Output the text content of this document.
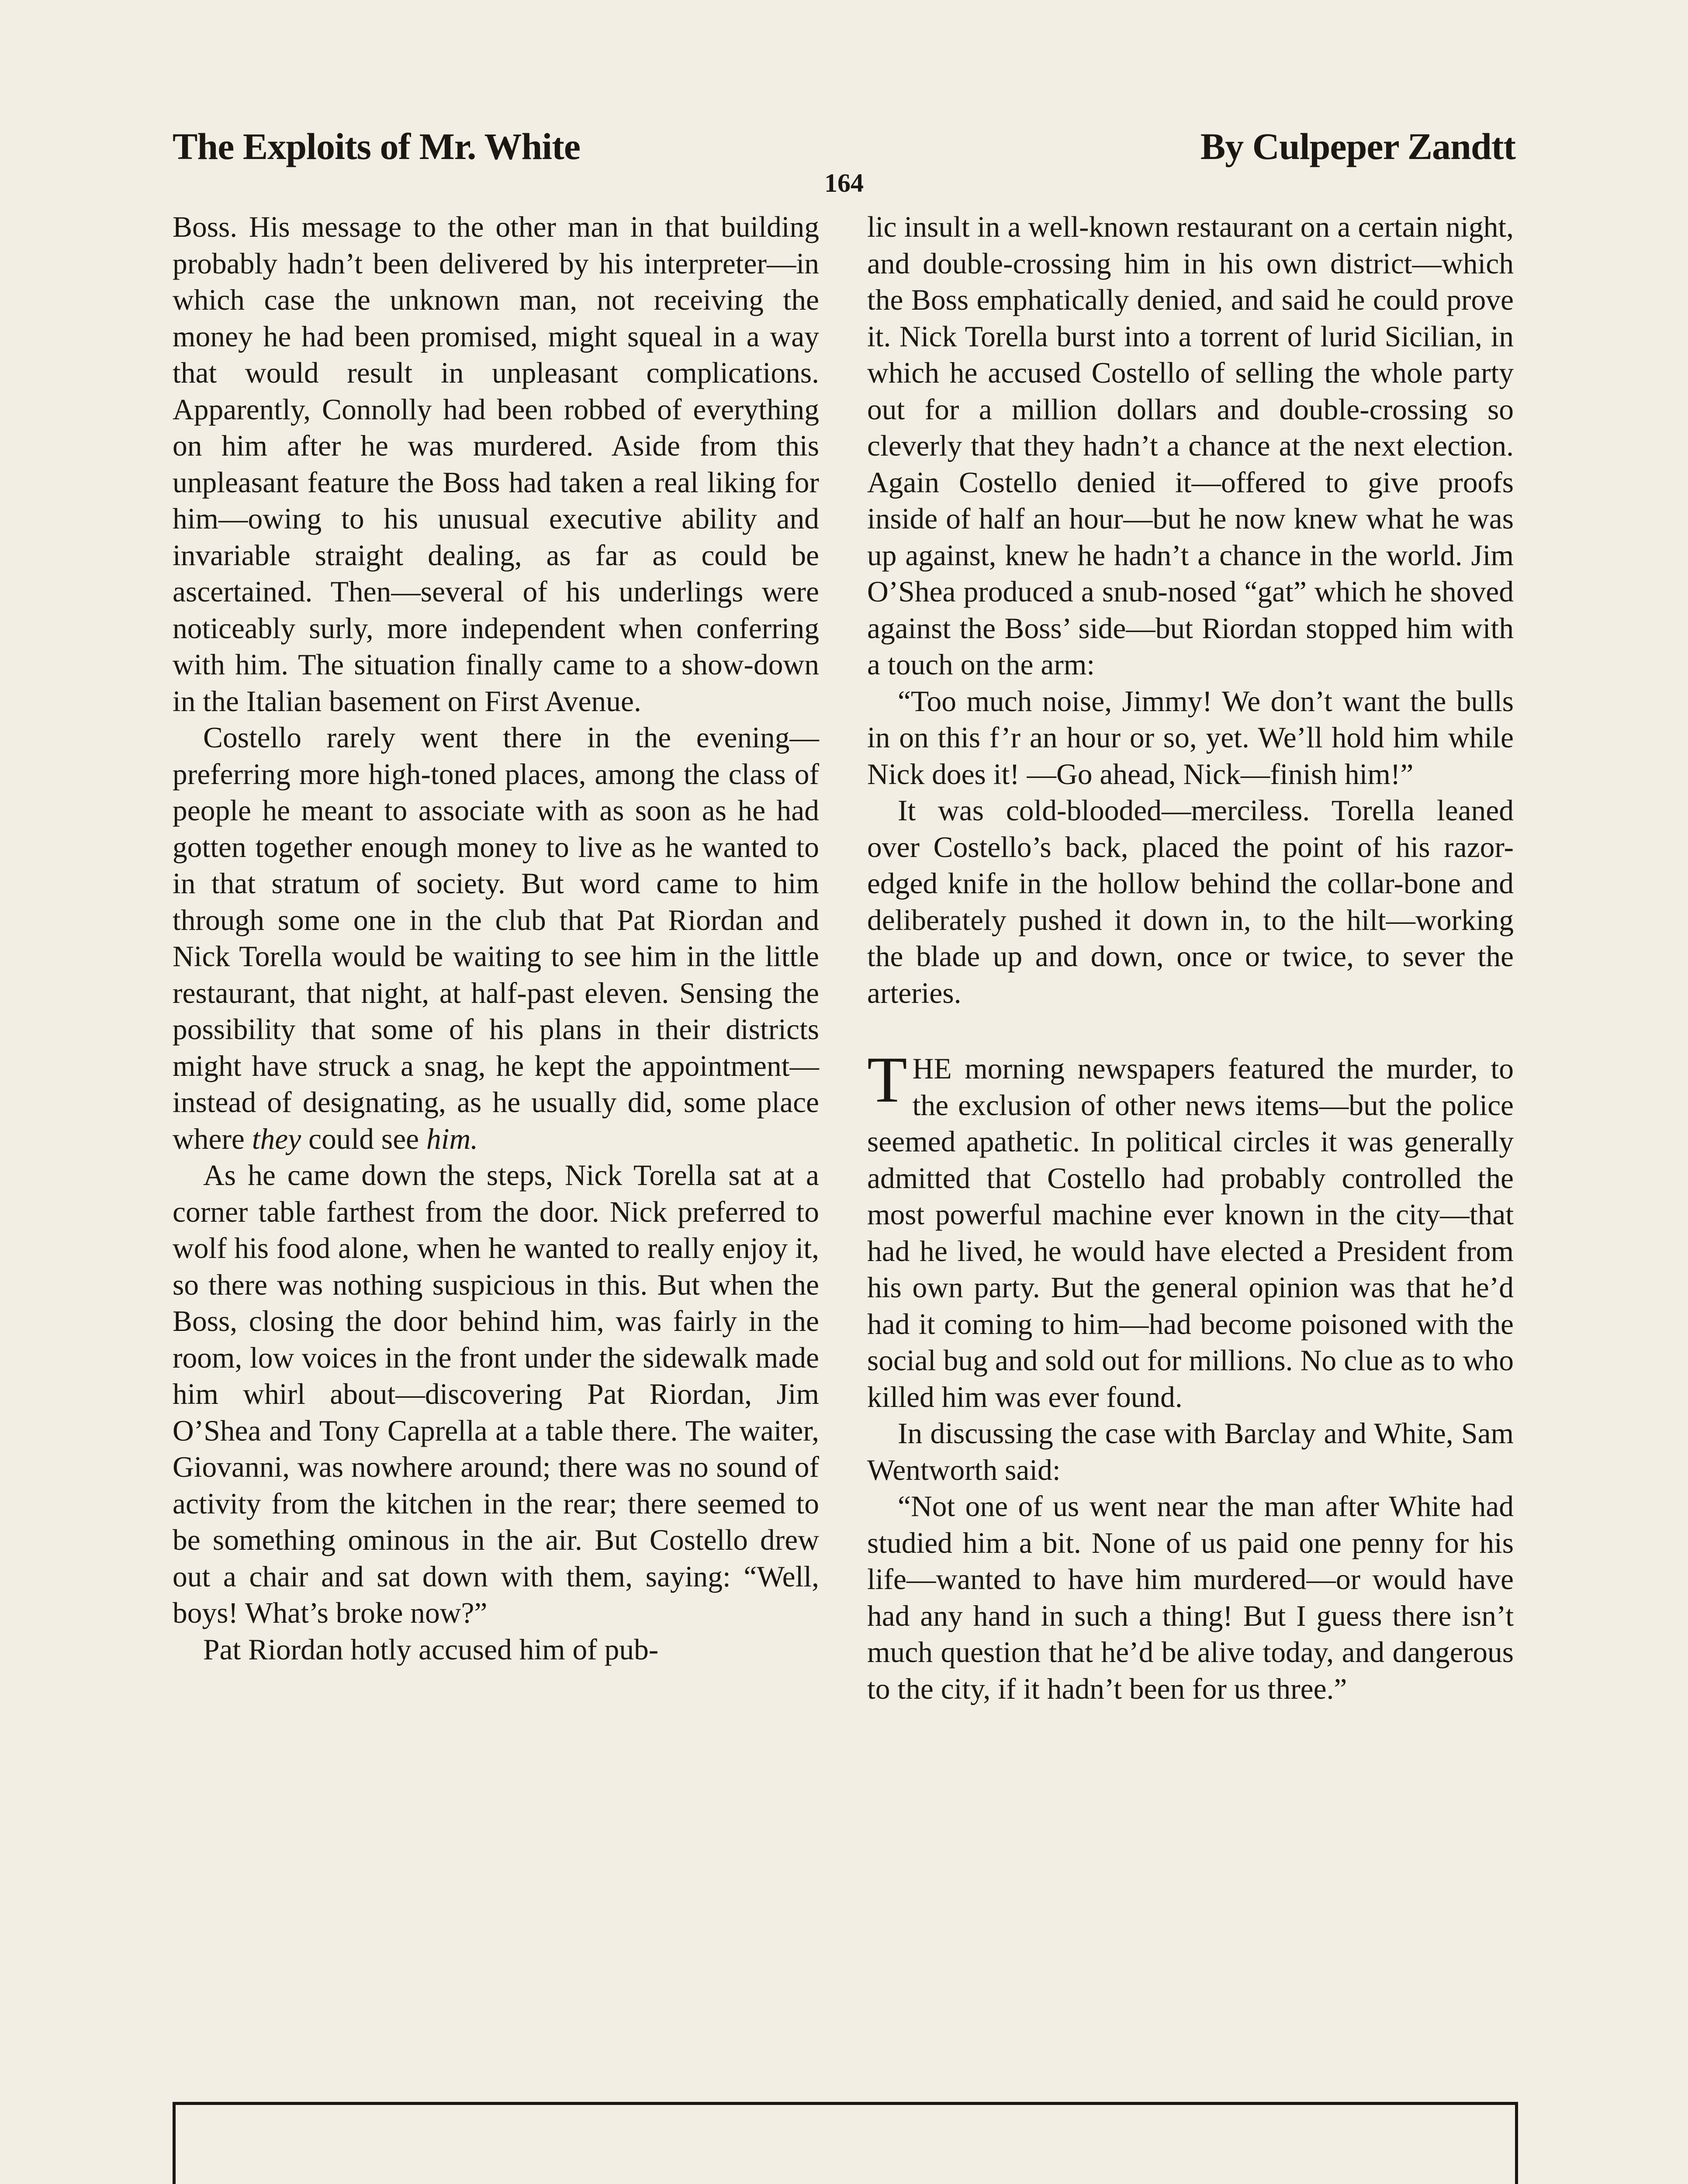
The Exploits of Mr. White	By Culpeper Zandtt
164

Boss. His message to the other man in that building probably hadn’t been delivered by his interpreter—in which case the unknown man, not receiving the money he had been promised, might squeal in a way that would result in unpleasant complications. Apparently, Connolly had been robbed of everything on him after he was murdered. Aside from this unpleasant feature the Boss had taken a real liking for him—owing to his unusual executive ability and invariable straight dealing, as far as could be ascertained. Then—several of his underlings were noticeably surly, more independent when conferring with him. The situation finally came to a show-down in the Italian basement on First Avenue.

Costello rarely went there in the evening—preferring more high-toned places, among the class of people he meant to associate with as soon as he had gotten together enough money to live as he wanted to in that stratum of society. But word came to him through some one in the club that Pat Riordan and Nick Torella would be waiting to see him in the little restaurant, that night, at half-past eleven. Sensing the possibility that some of his plans in their districts might have struck a snag, he kept the appointment—instead of designating, as he usually did, some place where they could see him.

As he came down the steps, Nick Torella sat at a corner table farthest from the door. Nick preferred to wolf his food alone, when he wanted to really enjoy it, so there was nothing suspicious in this. But when the Boss, closing the door behind him, was fairly in the room, low voices in the front under the sidewalk made him whirl about—discovering Pat Riordan, Jim O’Shea and Tony Caprella at a table there. The waiter, Giovanni, was nowhere around; there was no sound of activity from the kitchen in the rear; there seemed to be something ominous in the air. But Costello drew out a chair and sat down with them, saying: “Well, boys! What’s broke now?”

Pat Riordan hotly accused him of pub-

lic insult in a well-known restaurant on a certain night, and double-crossing him in his own district—which the Boss emphatically denied, and said he could prove it. Nick Torella burst into a torrent of lurid Sicilian, in which he accused Costello of selling the whole party out for a million dollars and double-crossing so cleverly that they hadn’t a chance at the next election. Again Costello denied it—offered to give proofs inside of half an hour—but he now knew what he was up against, knew he hadn’t a chance in the world. Jim O’Shea produced a snub-nosed “gat” which he shoved against the Boss’ side—but Riordan stopped him with a touch on the arm:

“Too much noise, Jimmy! We don’t want the bulls in on this f’r an hour or so, yet. We’ll hold him while Nick does it! —Go ahead, Nick—finish him!”

It was cold-blooded—merciless. Torella leaned over Costello’s back, placed the point of his razor-edged knife in the hollow behind the collar-bone and deliberately pushed it down in, to the hilt—working the blade up and down, once or twice, to sever the arteries.

THE morning newspapers featured the murder, to the exclusion of other news items—but the police seemed apathetic. In political circles it was generally admitted that Costello had probably controlled the most powerful machine ever known in the city—that had he lived, he would have elected a President from his own party. But the general opinion was that he’d had it coming to him—had become poisoned with the social bug and sold out for millions. No clue as to who killed him was ever found.

In discussing the case with Barclay and White, Sam Wentworth said:

“Not one of us went near the man after White had studied him a bit. None of us paid one penny for his life—wanted to have him murdered—or would have had any hand in such a thing! But I guess there isn’t much question that he’d be alive today, and dangerous to the city, if it hadn’t been for us three.”
